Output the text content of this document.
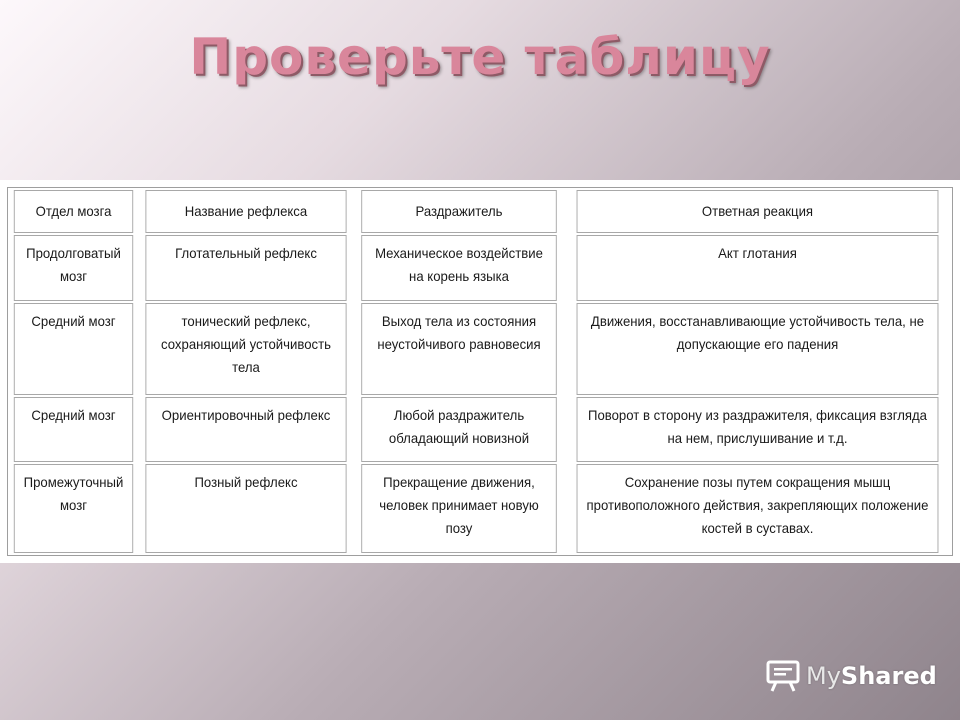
Проверьте таблицу
Отдел мозга	Название рефлекса	Раздражитель	Ответная реакция
Продолговатый мозг	Глотательный рефлекс	Механическое воздействие на корень языка	Акт глотания
Средний мозг	тонический рефлекс, сохраняющий устойчивость тела	Выход тела из состояния неустойчивого равновесия	Движения, восстанавливающие устойчивость тела, не допускающие его падения
Средний мозг	Ориентировочный рефлекс	Любой раздражитель обладающий новизной	Поворот в сторону из раздражителя, фиксация взгляда на нем, прислушивание и т.д.
Промежуточный мозг	Позный рефлекс	Прекращение движения, человек принимает новую позу	Сохранение позы путем сокращения мышц противоположного действия, закрепляющих положение костей в суставах.
MyShared
